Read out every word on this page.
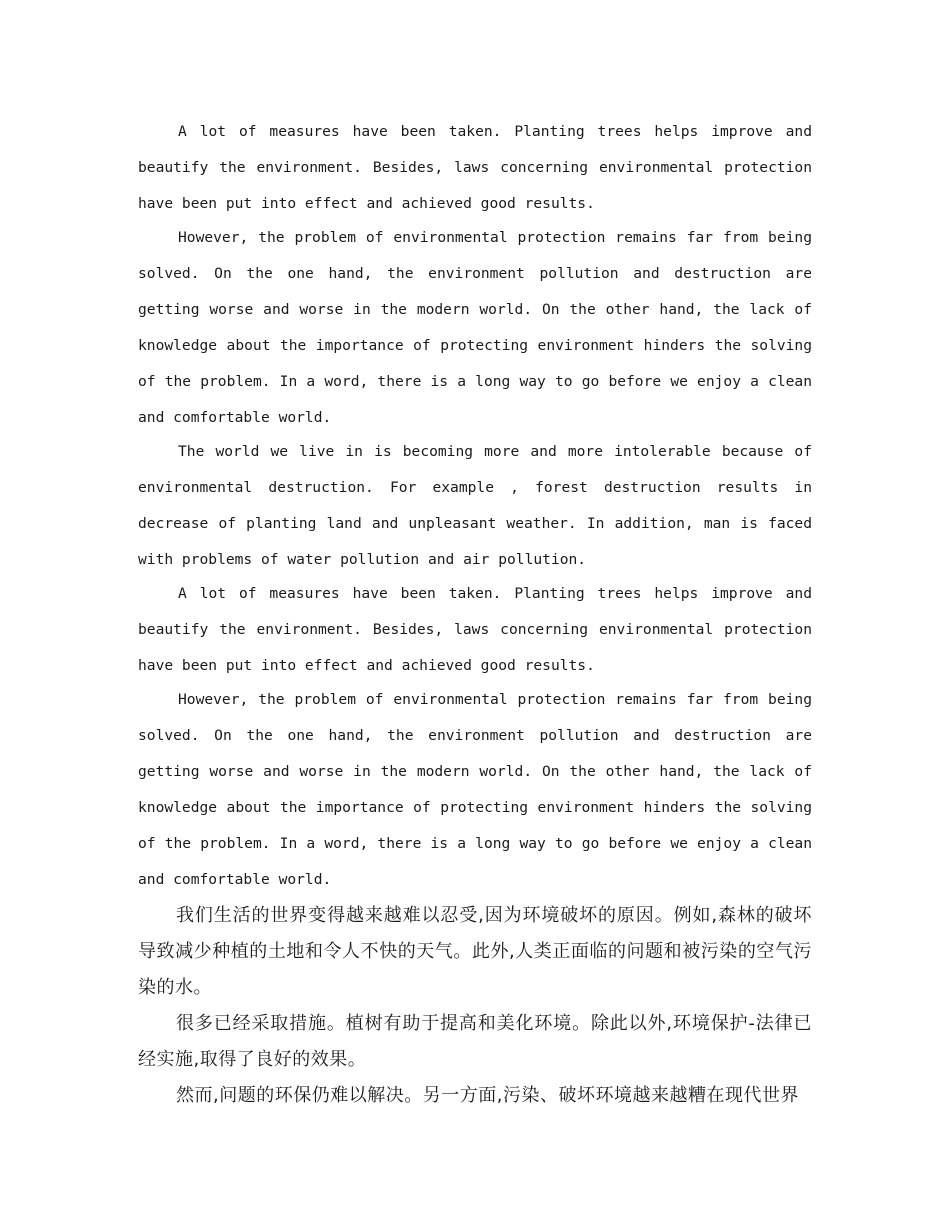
A lot of measures have been taken. Planting trees helps improve and beautify the environment. Besides, laws concerning environmental protection have been put into effect and achieved good results.

However, the problem of environmental protection remains far from being solved. On the one hand, the environment pollution and destruction are getting worse and worse in the modern world. On the other hand, the lack of knowledge about the importance of protecting environment hinders the solving of the problem. In a word, there is a long way to go before we enjoy a clean and comfortable world.

The world we live in is becoming more and more intolerable because of environmental destruction. For example , forest destruction results in decrease of planting land and unpleasant weather. In addition, man is faced with problems of water pollution and air pollution.

A lot of measures have been taken. Planting trees helps improve and beautify the environment. Besides, laws concerning environmental protection have been put into effect and achieved good results.

However, the problem of environmental protection remains far from being solved. On the one hand, the environment pollution and destruction are getting worse and worse in the modern world. On the other hand, the lack of knowledge about the importance of protecting environment hinders the solving of the problem. In a word, there is a long way to go before we enjoy a clean and comfortable world.

我们生活的世界变得越来越难以忍受,因为环境破坏的原因。例如,森林的破坏导致减少种植的土地和令人不快的天气。此外,人类正面临的问题和被污染的空气污染的水。

很多已经采取措施。植树有助于提高和美化环境。除此以外,环境保护-法律已经实施,取得了良好的效果。

然而,问题的环保仍难以解决。另一方面,污染、破坏环境越来越糟在现代世界
